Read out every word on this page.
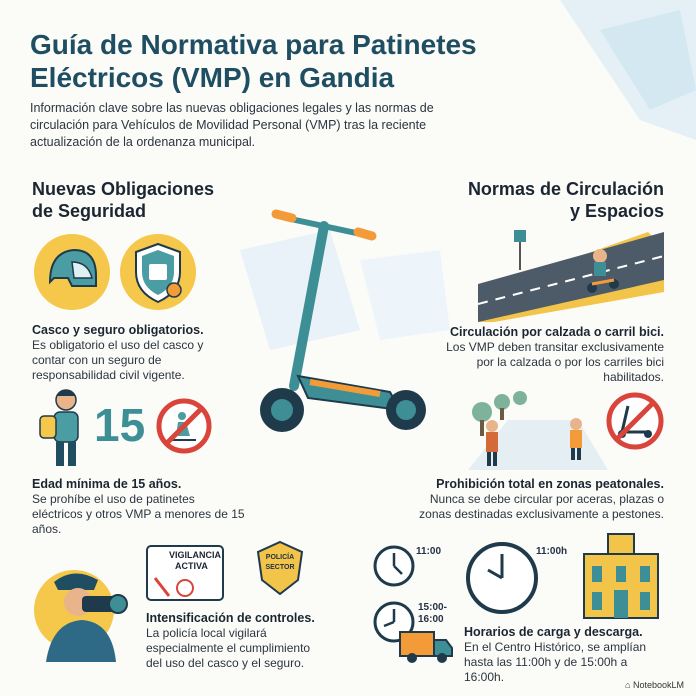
Guía de Normativa para Patinetes
Eléctricos (VMP) en Gandia
Información clave sobre las nuevas obligaciones legales y las normas de circulación para Vehículos de Movilidad Personal (VMP) tras la reciente actualización de la ordenanza municipal.
Nuevas Obligaciones
de Seguridad
Normas de Circulación
y Espacios
Casco y seguro obligatorios.
Es obligatorio el uso del casco y contar con un seguro de responsabilidad civil vigente.
15
Edad mínima de 15 años.
Se prohíbe el uso de patinetes eléctricos y otros VMP a menores de 15 años.
VIGILANCIA
ACTIVA
POLICÍA
SECTOR
Intensificación de controles.
La policía local vigilará especialmente el cumplimiento del uso del casco y el seguro.
Circulación por calzada o carril bici.
Los VMP deben transitar exclusivamente por la calzada o por los carriles bici habilitados.
Prohibición total en zonas peatonales.
Nunca se debe circular por aceras, plazas o zonas destinadas exclusivamente a pestones.
11:00
15:00-
16:00
11:00h
Horarios de carga y descarga.
En el Centro Histórico, se amplían hasta las 11:00h y de 15:00h a 16:00h.
⌂ NotebookLM
